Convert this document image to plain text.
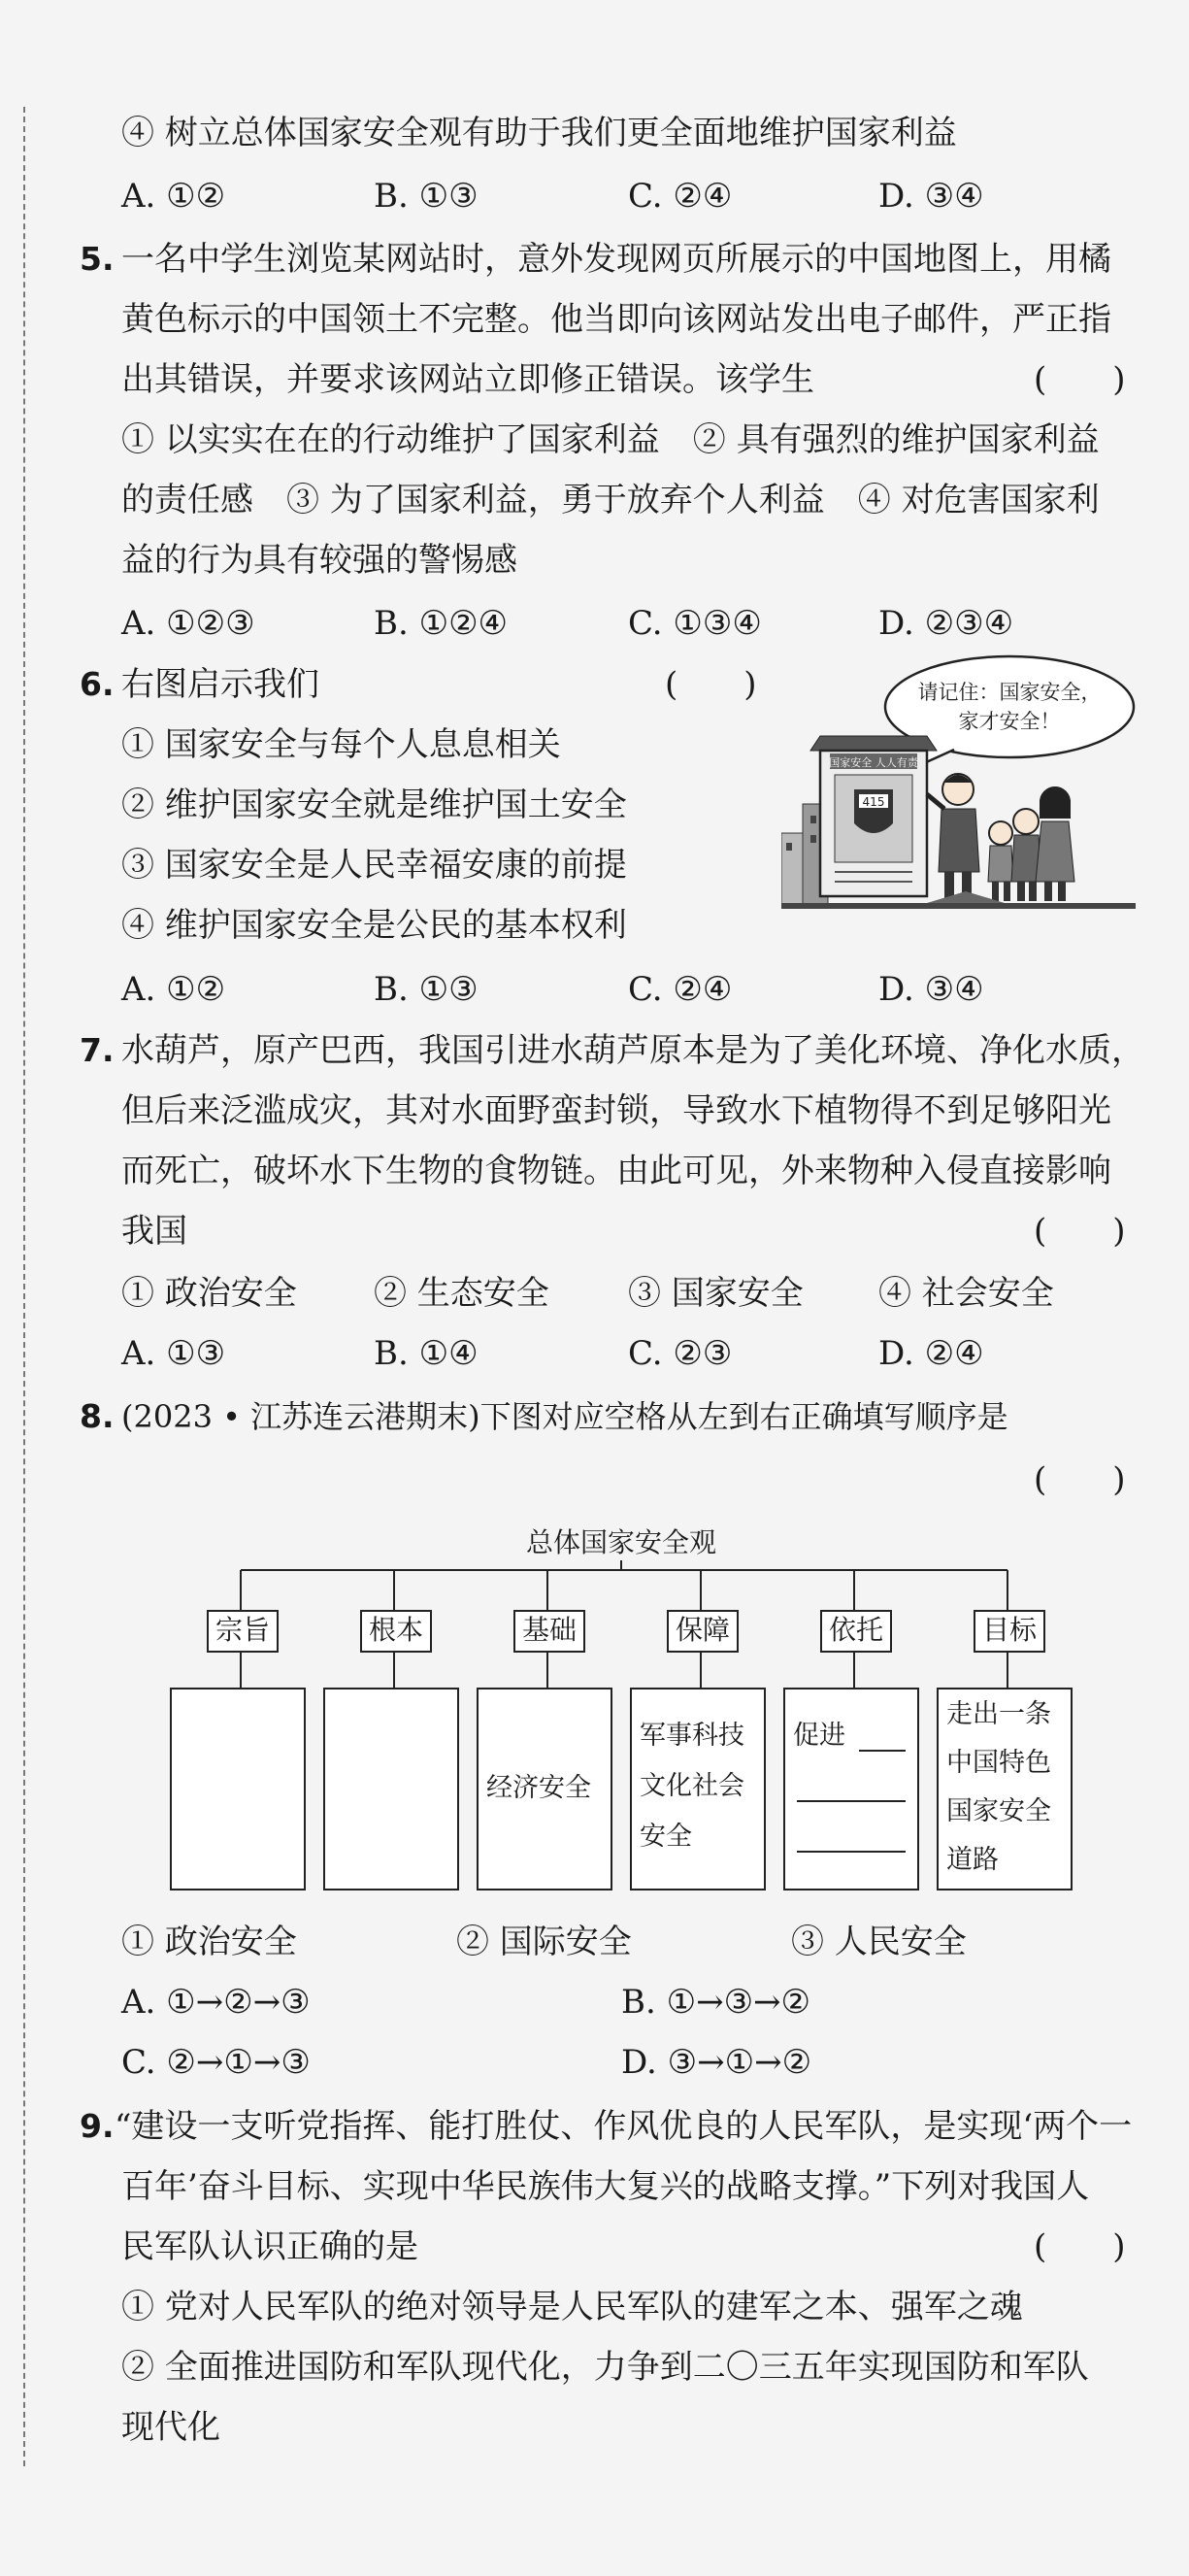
④ 树立总体国家安全观有助于我们更全面地维护国家利益
A. ①②	B. ①③	C. ②④	D. ③④
5. 一名中学生浏览某网站时，意外发现网页所展示的中国地图上，用橘
黄色标示的中国领土不完整。他当即向该网站发出电子邮件，严正指
出其错误，并要求该网站立即修正错误。该学生	(　　)
① 以实实在在的行动维护了国家利益　② 具有强烈的维护国家利益
的责任感　③ 为了国家利益，勇于放弃个人利益　④ 对危害国家利
益的行为具有较强的警惕感
A. ①②③	B. ①②④	C. ①③④	D. ②③④
6. 右图启示我们	(　　)
① 国家安全与每个人息息相关
② 维护国家安全就是维护国土安全
③ 国家安全是人民幸福安康的前提
④ 维护国家安全是公民的基本权利
A. ①②	B. ①③	C. ②④	D. ③④
请记住：国家安全，
家才安全！
国家安全 人人有责
415
7. 水葫芦，原产巴西，我国引进水葫芦原本是为了美化环境、净化水质，
但后来泛滥成灾，其对水面野蛮封锁，导致水下植物得不到足够阳光
而死亡，破坏水下生物的食物链。由此可见，外来物种入侵直接影响
我国	(　　)
① 政治安全 ② 生态安全 ③ 国家安全 ④ 社会安全
A. ①③	B. ①④	C. ②③	D. ②④
8. (2023 • 江苏连云港期末)下图对应空格从左到右正确填写顺序是
(　　)
总体国家安全观
宗旨	根本	基础	保障	依托	目标
经济安全
军事科技
文化社会
安全
促进
走出一条
中国特色
国家安全
道路
① 政治安全	② 国际安全	③ 人民安全
A. ①→②→③	B. ①→③→②
C. ②→①→③	D. ③→①→②
9. “建设一支听党指挥、能打胜仗、作风优良的人民军队，是实现‘两个一
百年’奋斗目标、实现中华民族伟大复兴的战略支撑。”下列对我国人
民军队认识正确的是	(　　)
① 党对人民军队的绝对领导是人民军队的建军之本、强军之魂
② 全面推进国防和军队现代化，力争到二〇三五年实现国防和军队
现代化
